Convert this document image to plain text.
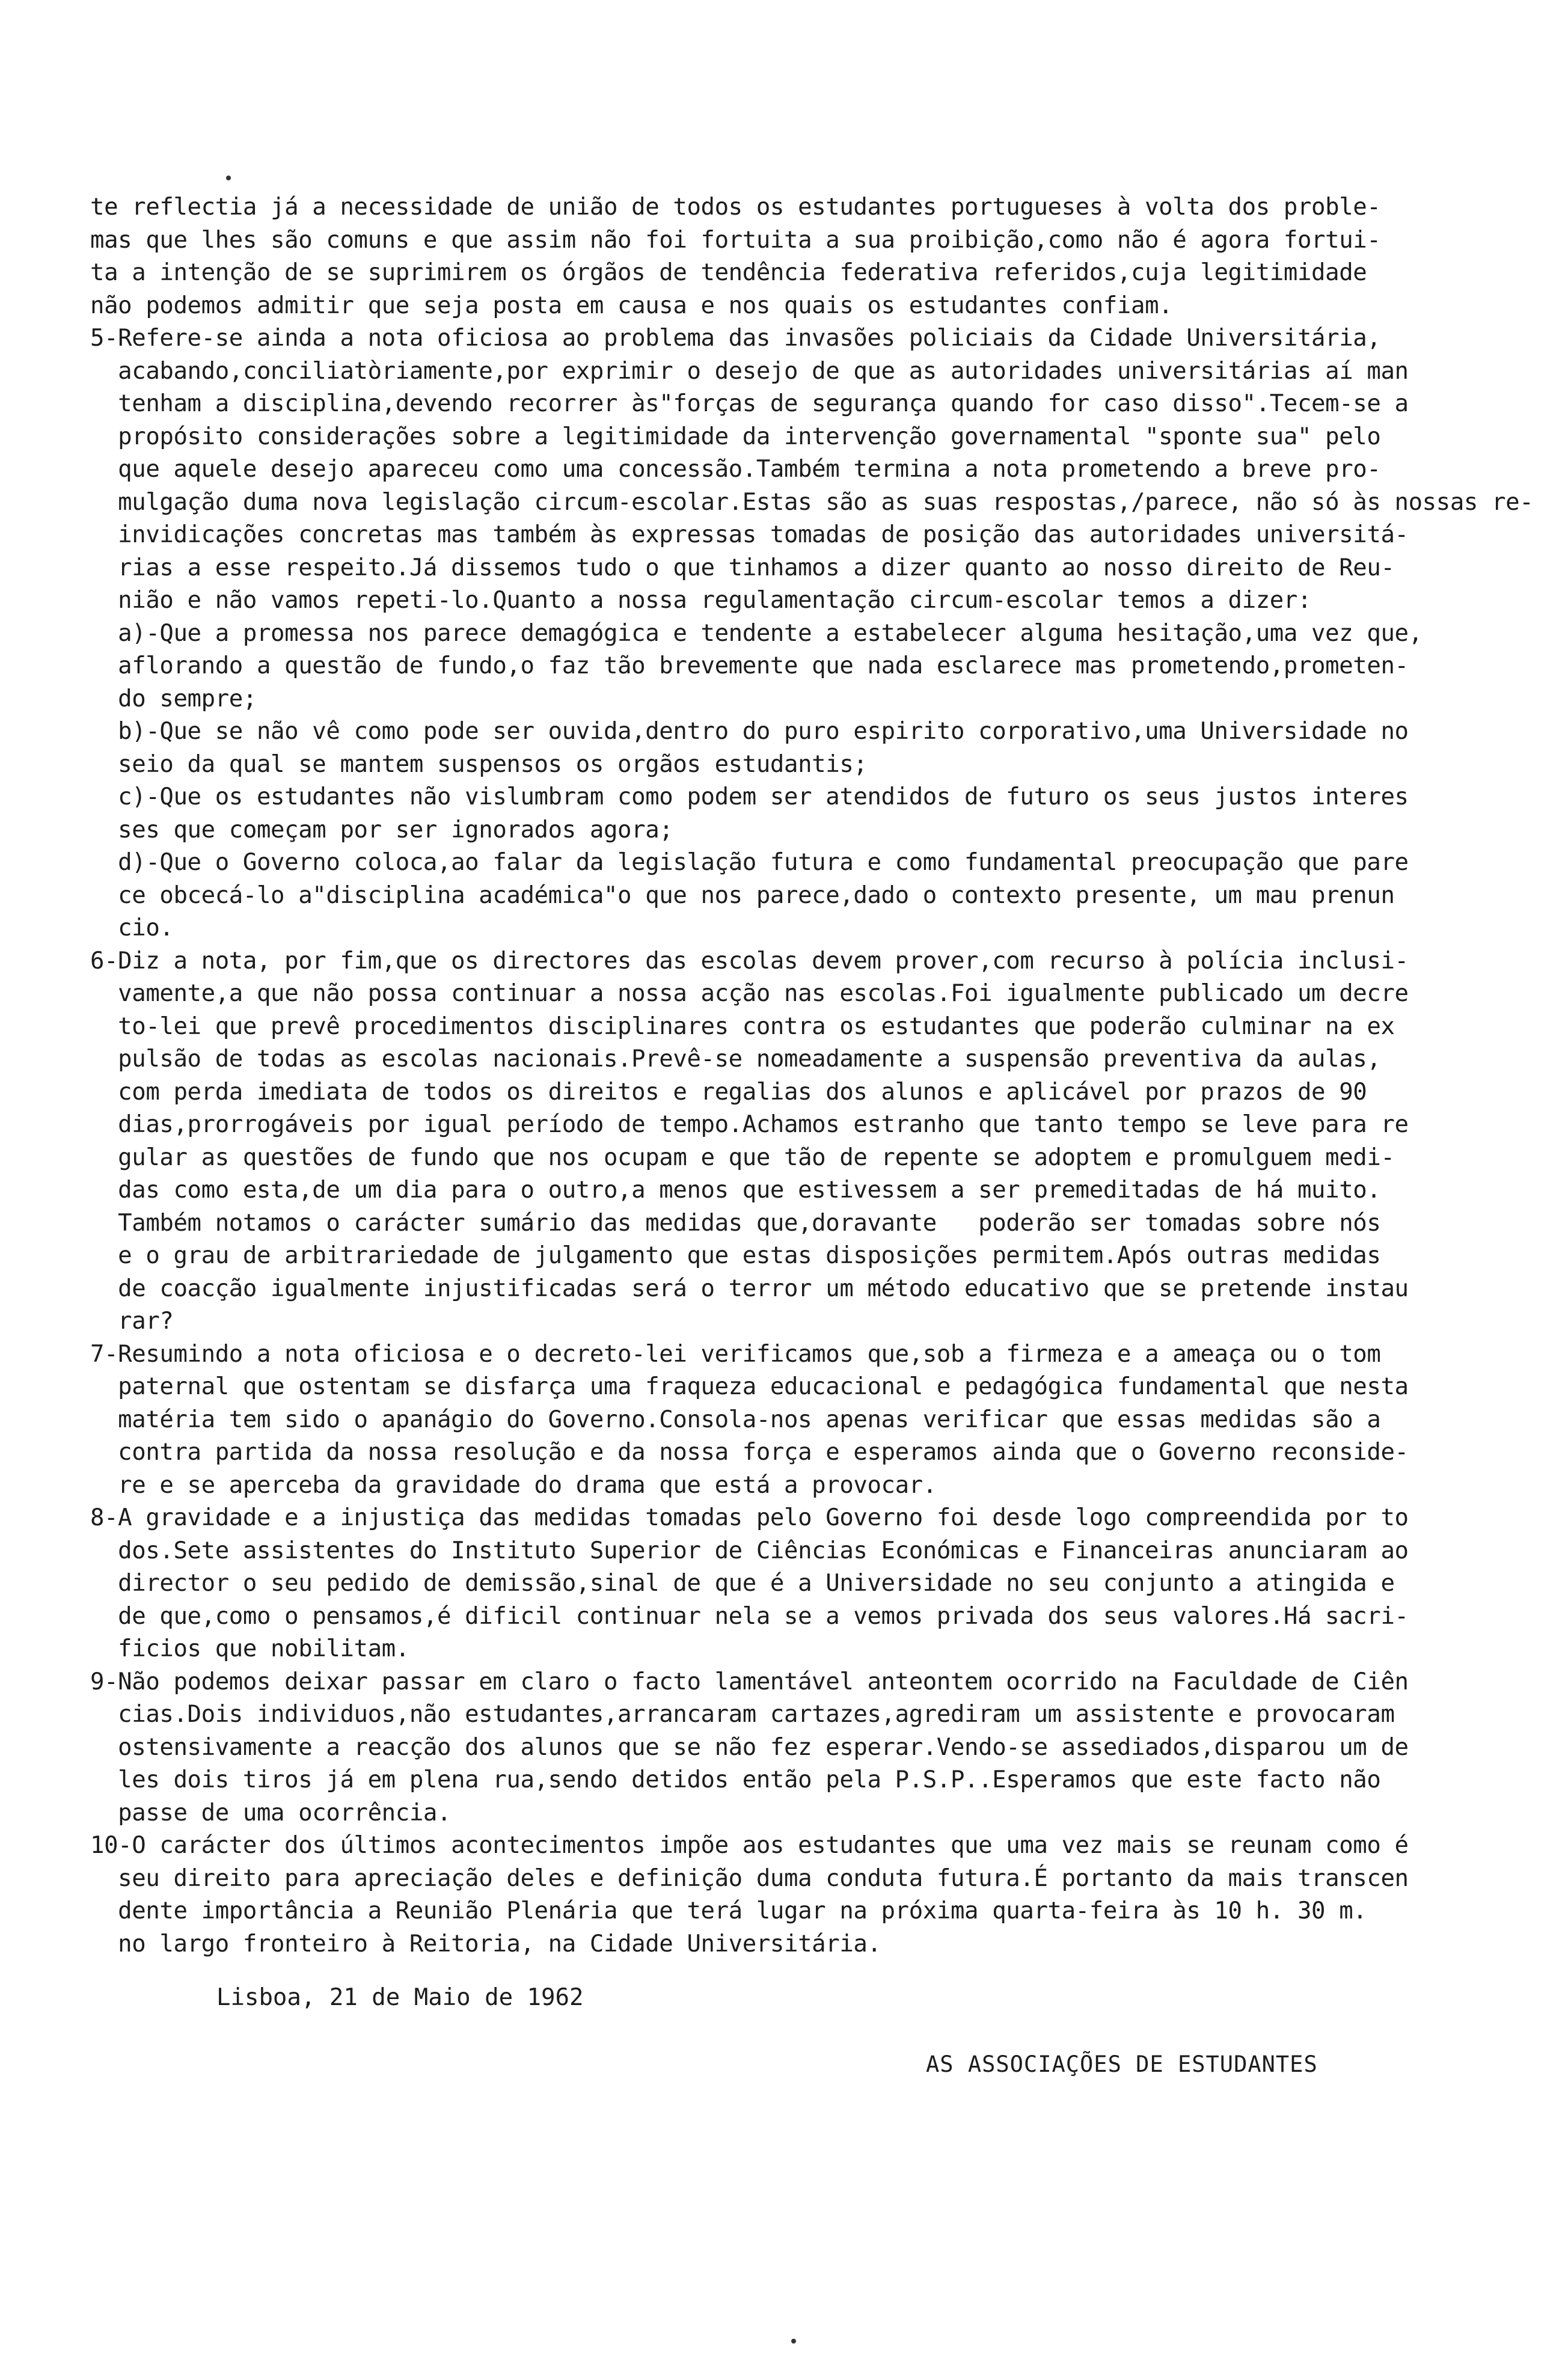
te reflectia já a necessidade de união de todos os estudantes portugueses à volta dos proble-
mas que lhes são comuns e que assim não foi fortuita a sua proibição,como não é agora fortui-
ta a intenção de se suprimirem os órgãos de tendência federativa referidos,cuja legitimidade
não podemos admitir que seja posta em causa e nos quais os estudantes confiam.
5-Refere-se ainda a nota oficiosa ao problema das invasões policiais da Cidade Universitária,
acabando,conciliatòriamente,por exprimir o desejo de que as autoridades universitárias aí man
tenham a disciplina,devendo recorrer às"forças de segurança quando for caso disso".Tecem-se a
propósito considerações sobre a legitimidade da intervenção governamental "sponte sua" pelo
que aquele desejo apareceu como uma concessão.Também termina a nota prometendo a breve pro-
mulgação duma nova legislação circum-escolar.Estas são as suas respostas,/parece, não só às nossas re-
invidicações concretas mas também às expressas tomadas de posição das autoridades universitá-
rias a esse respeito.Já dissemos tudo o que tinhamos a dizer quanto ao nosso direito de Reu-
nião e não vamos repeti-lo.Quanto a nossa regulamentação circum-escolar temos a dizer:
a)-Que a promessa nos parece demagógica e tendente a estabelecer alguma hesitação,uma vez que,
aflorando a questão de fundo,o faz tão brevemente que nada esclarece mas prometendo,prometen-
do sempre;
b)-Que se não vê como pode ser ouvida,dentro do puro espirito corporativo,uma Universidade no
seio da qual se mantem suspensos os orgãos estudantis;
c)-Que os estudantes não vislumbram como podem ser atendidos de futuro os seus justos interes
ses que começam por ser ignorados agora;
d)-Que o Governo coloca,ao falar da legislação futura e como fundamental preocupação que pare
ce obcecá-lo a"disciplina académica"o que nos parece,dado o contexto presente, um mau prenun
cio.
6-Diz a nota, por fim,que os directores das escolas devem prover,com recurso à polícia inclusi-
vamente,a que não possa continuar a nossa acção nas escolas.Foi igualmente publicado um decre
to-lei que prevê procedimentos disciplinares contra os estudantes que poderão culminar na ex
pulsão de todas as escolas nacionais.Prevê-se nomeadamente a suspensão preventiva da aulas,
com perda imediata de todos os direitos e regalias dos alunos e aplicável por prazos de 90
dias,prorrogáveis por igual período de tempo.Achamos estranho que tanto tempo se leve para re
gular as questões de fundo que nos ocupam e que tão de repente se adoptem e promulguem medi-
das como esta,de um dia para o outro,a menos que estivessem a ser premeditadas de há muito.
Também notamos o carácter sumário das medidas que,doravante   poderão ser tomadas sobre nós
e o grau de arbitrariedade de julgamento que estas disposições permitem.Após outras medidas
de coacção igualmente injustificadas será o terror um método educativo que se pretende instau
rar?
7-Resumindo a nota oficiosa e o decreto-lei verificamos que,sob a firmeza e a ameaça ou o tom
paternal que ostentam se disfarça uma fraqueza educacional e pedagógica fundamental que nesta
matéria tem sido o apanágio do Governo.Consola-nos apenas verificar que essas medidas são a
contra partida da nossa resolução e da nossa força e esperamos ainda que o Governo reconside-
re e se aperceba da gravidade do drama que está a provocar.
8-A gravidade e a injustiça das medidas tomadas pelo Governo foi desde logo compreendida por to
dos.Sete assistentes do Instituto Superior de Ciências Económicas e Financeiras anunciaram ao
director o seu pedido de demissão,sinal de que é a Universidade no seu conjunto a atingida e
de que,como o pensamos,é dificil continuar nela se a vemos privada dos seus valores.Há sacri-
ficios que nobilitam.
9-Não podemos deixar passar em claro o facto lamentável anteontem ocorrido na Faculdade de Ciên
cias.Dois individuos,não estudantes,arrancaram cartazes,agrediram um assistente e provocaram
ostensivamente a reacção dos alunos que se não fez esperar.Vendo-se assediados,disparou um de
les dois tiros já em plena rua,sendo detidos então pela P.S.P..Esperamos que este facto não
passe de uma ocorrência.
10-O carácter dos últimos acontecimentos impõe aos estudantes que uma vez mais se reunam como é
seu direito para apreciação deles e definição duma conduta futura.É portanto da mais transcen
dente importância a Reunião Plenária que terá lugar na próxima quarta-feira às 10 h. 30 m.
no largo fronteiro à Reitoria, na Cidade Universitária.
Lisboa, 21 de Maio de 1962
AS ASSOCIAÇÕES DE ESTUDANTES
